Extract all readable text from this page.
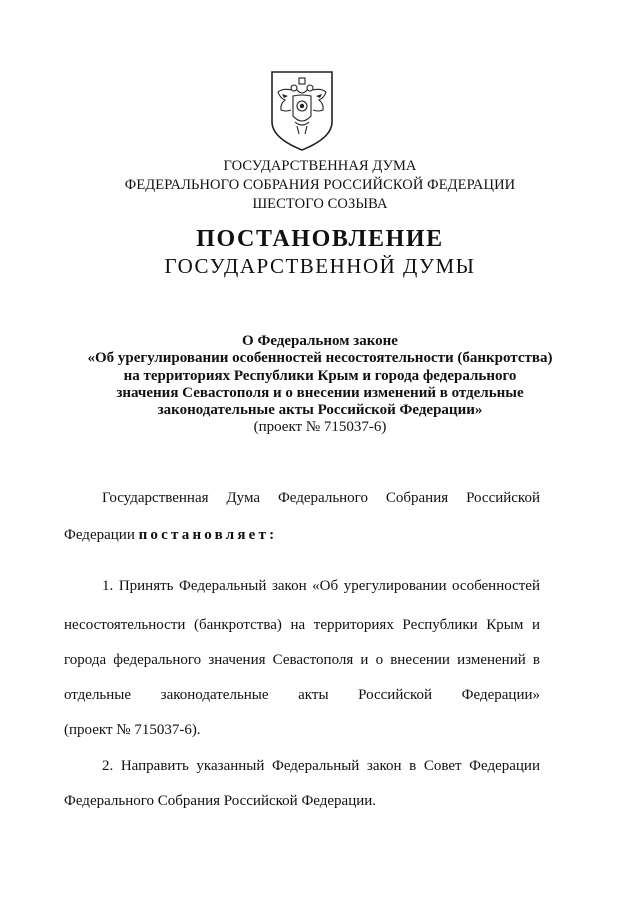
ГОСУДАРСТВЕННАЯ ДУМА
ФЕДЕРАЛЬНОГО СОБРАНИЯ РОССИЙСКОЙ ФЕДЕРАЦИИ
ШЕСТОГО СОЗЫВА
ПОСТАНОВЛЕНИЕ
ГОСУДАРСТВЕННОЙ ДУМЫ
О Федеральном законе
«Об урегулировании особенностей несостоятельности (банкротства)
на территориях Республики Крым и города федерального
значения Севастополя и о внесении изменений в отдельные
законодательные акты Российской Федерации»
(проект № 715037-6)
Государственная Дума Федерального Собрания Российской
Федерации постановляет:
1. Принять Федеральный закон «Об урегулировании особенностей
несостоятельности (банкротства) на территориях Республики Крым и
города федерального значения Севастополя и о внесении изменений в
отдельные законодательные акты Российской Федерации»
(проект № 715037-6).
2. Направить указанный Федеральный закон в Совет Федерации
Федерального Собрания Российской Федерации.
